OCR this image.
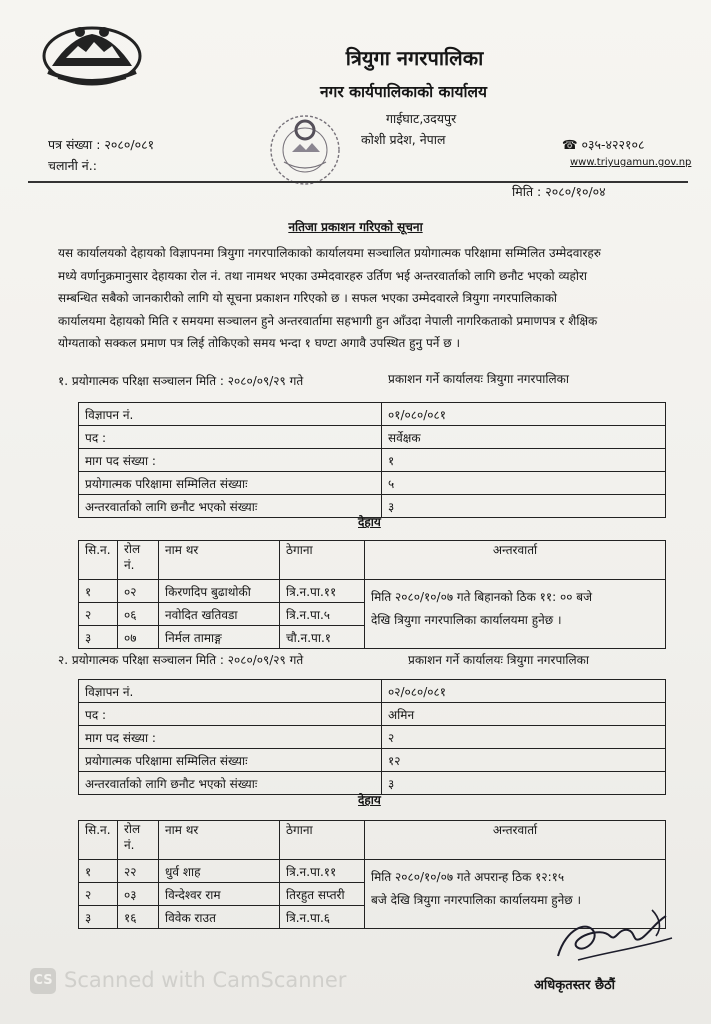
त्रियुगा नगरपालिका
नगर कार्यपालिकाको कार्यालय
गाईघाट,उदयपुर
कोशी प्रदेश, नेपाल
पत्र संख्या : २०८०/०८१
चलानी नं.:
☎ ०३५-४२२१०८
www.triyugamun.gov.np
मिति : २०८०/१०/०४
नतिजा प्रकाशन गरिएको सूचना
यस कार्यालयको देहायको विज्ञापनमा त्रियुगा नगरपालिकाको कार्यालयमा सञ्चालित प्रयोगात्मक परिक्षामा सम्मिलित उम्मेदवारहरु
मध्ये वर्णानुक्रमानुसार देहायका रोल नं. तथा नामथर भएका उम्मेदवारहरु उर्तिण भई अन्तरवार्ताको लागि छनौट भएको व्यहोरा
सम्बन्धित सबैको जानकारीको लागि यो सूचना प्रकाशन गरिएको छ । सफल भएका उम्मेदवारले त्रियुगा नगरपालिकाको
कार्यालयमा देहायको मिति र समयमा सञ्चालन हुने अन्तरवार्तामा सहभागी हुन आँउदा नेपाली नागरिकताको प्रमाणपत्र र शैक्षिक
योग्यताको सक्कल प्रमाण पत्र लिई तोकिएको समय भन्दा १ घण्टा अगावै उपस्थित हुनु पर्ने छ ।
१. प्रयोगात्मक परिक्षा सञ्चालन मिति : २०८०/०९/२९ गते	प्रकाशन गर्ने कार्यालयः त्रियुगा नगरपालिका
विज्ञापन नं.	०१/०८०/०८१
पद :	सर्वेक्षक
माग पद संख्या :	१
प्रयोगात्मक परिक्षामा सम्मिलित संख्याः	५
अन्तरवार्ताको लागि छनौट भएको संख्याः	३
देहाय
सि.न.	रोल
नं.	नाम थर	ठेगाना	अन्तरवार्ता
१	०२	किरणदिप बुढाथोकी	त्रि.न.पा.११	मिति २०८०/१०/०७ गते बिहानको ठिक ११: ०० बजे
देखि त्रियुगा नगरपालिका कार्यालयमा हुनेछ ।

२	०६	नवोदित खतिवडा	त्रि.न.पा.५	
३	०७	निर्मल तामाङ्ग	चौ.न.पा.१	
२. प्रयोगात्मक परिक्षा सञ्चालन मिति : २०८०/०९/२९ गते	प्रकाशन गर्ने कार्यालयः त्रियुगा नगरपालिका
विज्ञापन नं.	०२/०८०/०८१
पद :	अमिन
माग पद संख्या :	२
प्रयोगात्मक परिक्षामा सम्मिलित संख्याः	१२
अन्तरवार्ताको लागि छनौट भएको संख्याः	३
देहाय
सि.न.	रोल
नं.	नाम थर	ठेगाना	अन्तरवार्ता
१	२२	धुर्व शाह	त्रि.न.पा.११	मिति २०८०/१०/०७ गते अपरान्ह ठिक १२:१५
बजे देखि त्रियुगा नगरपालिका कार्यालयमा हुनेछ ।

२	०३	विन्देश्वर राम	तिरहुत सप्तरी	
३	१६	विवेक राउत	त्रि.न.पा.६	
अधिकृतस्तर छैठौं
CS Scanned with CamScanner
